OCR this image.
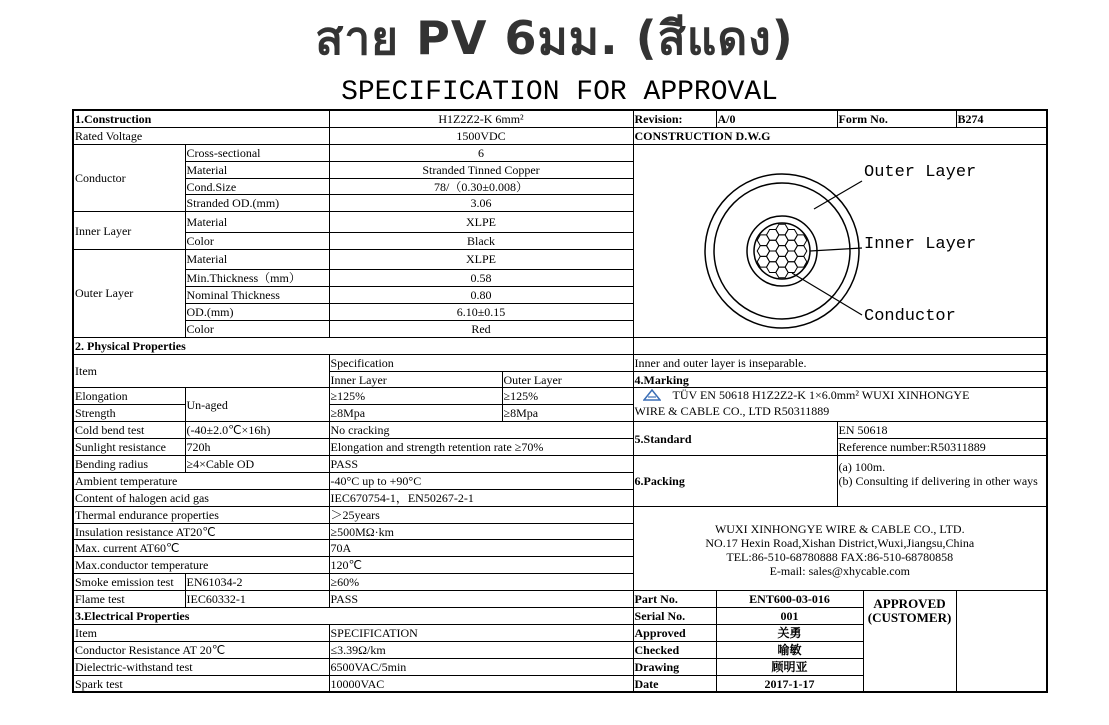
สาย PV 6มม. (สีแดง)
SPECIFICATION FOR APPROVAL
1.Construction		H1Z2Z2-K 6mm²		Revision:	A/0	Form No.		B274
Rated Voltage		1500VDC		CONSTRUCTION D.W.G				
Conductor	Cross-sectional	6		Outer Layer
Inner Layer
Conductor				

	Material	Stranded Tinned Copper						
	Cond.Size	78/（0.30±0.008）						
	Stranded OD.(mm)	3.06						
Inner Layer	Material	XLPE						
	Color	Black						
Outer Layer	Material	XLPE						
	Min.Thickness（mm）	0.58						
	Nominal Thickness	0.80						
	OD.(mm)	6.10±0.15						
	Color	Red						
2. Physical Properties								
Item		Specification		Inner and outer layer is inseparable.				
		Inner Layer	Outer Layer	4.Marking				
Elongation	Un-aged	≥125%	≥125%	TÜV EN 50618 H1Z2Z2-K 1×6.0mm² WUXI XINHONGYE
WIRE & CABLE CO., LTD R50311889				
Strength		≥8Mpa	≥8Mpa					
Cold bend test	(-40±2.0℃×16h)	No cracking		5.Standard		EN 50618		
Sunlight resistance	720h	Elongation and strength retention rate ≥70%				Reference number:R50311889		
Bending radius	≥4×Cable OD	PASS		6.Packing		(a) 100m.
(b) Consulting if delivering in other ways		
Ambient temperature		-40°C up to +90°C						
Content of halogen acid gas		IEC670754-1，EN50267-2-1						
Thermal endurance properties		＞25years		WUXI XINHONGYE WIRE & CABLE CO., LTD.
NO.17 Hexin Road,Xishan District,Wuxi,Jiangsu,China
TEL:86-510-68780888 FAX:86-510-68780858
E-mail: sales@xhycable.com				

Insulation resistance AT20℃		≥500MΩ·km						
Max. current AT60℃		70A						
Max.conductor temperature		120℃						
Smoke emission test	EN61034-2	≥60%						
Flame test	IEC60332-1	PASS		Part No.	ENT600-03-016		APPROVED
(CUSTOMER)	
3.Electrical Properties				Serial No.	001			
Item		SPECIFICATION		Approved	关勇			
Conductor Resistance AT 20℃		≤3.39Ω/km		Checked	喻敏			
Dielectric-withstand test		6500VAC/5min		Drawing	顾明亚			
Spark test		10000VAC		Date	2017-1-17			
